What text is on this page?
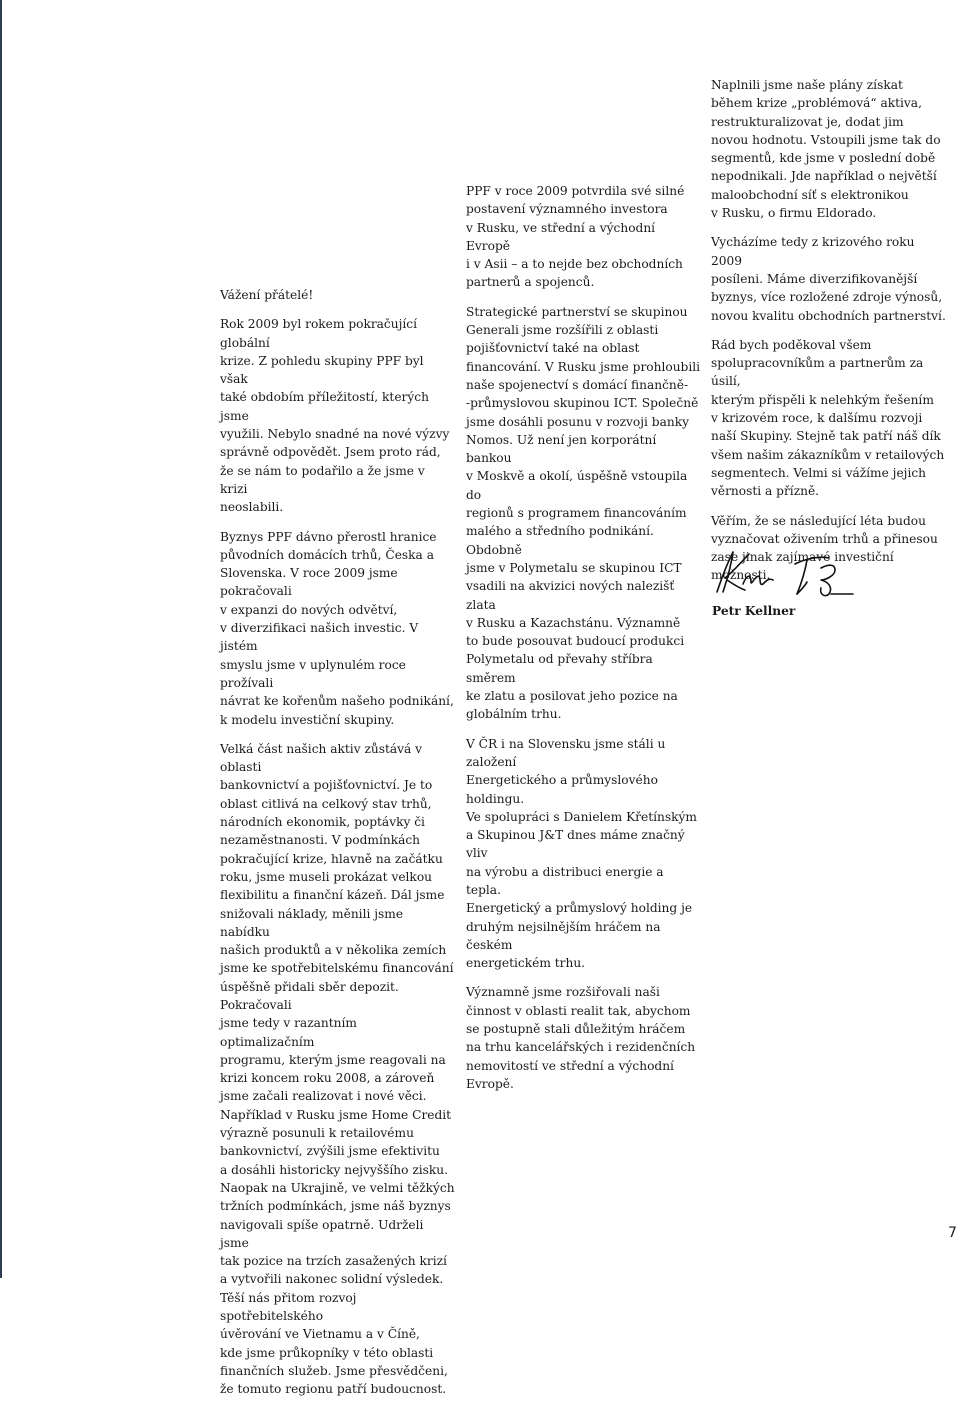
Vážení přátelé!

Rok 2009 byl rokem pokračující globální
krize. Z pohledu skupiny PPF byl však
také obdobím příležitostí, kterých jsme
využili. Nebylo snadné na nové výzvy
správně odpovědět. Jsem proto rád,
že se nám to podařilo a že jsme v krizi
neoslabili.

Byznys PPF dávno přerostl hranice
původních domácích trhů, Česka a
Slovenska. V roce 2009 jsme pokračovali
v expanzi do nových odvětví,
v diverzifikaci našich investic. V jistém
smyslu jsme v uplynulém roce prožívali
návrat ke kořenům našeho podnikání,
k modelu investiční skupiny.

Velká část našich aktiv zůstává v oblasti
bankovnictví a pojišťovnictví. Je to
oblast citlivá na celkový stav trhů,
národních ekonomik, poptávky či
nezaměstnanosti. V podmínkách
pokračující krize, hlavně na začátku
roku, jsme museli prokázat velkou
flexibilitu a finanční kázeň. Dál jsme
snižovali náklady, měnili jsme nabídku
našich produktů a v několika zemích
jsme ke spotřebitelskému financování
úspěšně přidali sběr depozit. Pokračovali
jsme tedy v razantním optimalizačním
programu, kterým jsme reagovali na
krizi koncem roku 2008, a zároveň
jsme začali realizovat i nové věci.
Například v Rusku jsme Home Credit
výrazně posunuli k retailovému
bankovnictví, zvýšili jsme efektivitu
a dosáhli historicky nejvyššího zisku.
Naopak na Ukrajině, ve velmi těžkých
tržních podmínkách, jsme náš byznys
navigovali spíše opatrně. Udrželi jsme
tak pozice na trzích zasažených krizí
a vytvořili nakonec solidní výsledek.
Těší nás přitom rozvoj spotřebitelského
úvěrování ve Vietnamu a v Číně,
kde jsme průkopníky v této oblasti
finančních služeb. Jsme přesvědčeni,
že tomuto regionu patří budoucnost.

PPF v roce 2009 potvrdila své silné
postavení významného investora
v Rusku, ve střední a východní Evropě
i v Asii – a to nejde bez obchodních
partnerů a spojenců.

Strategické partnerství se skupinou
Generali jsme rozšířili z oblasti
pojišťovnictví také na oblast
financování. V Rusku jsme prohloubili
naše spojenectví s domácí finančně-
-průmyslovou skupinou ICT. Společně
jsme dosáhli posunu v rozvoji banky
Nomos. Už není jen korporátní bankou
v Moskvě a okolí, úspěšně vstoupila do
regionů s programem financováním
malého a středního podnikání. Obdobně
jsme v Polymetalu se skupinou ICT
vsadili na akvizici nových nalezišť zlata
v Rusku a Kazachstánu. Významně
to bude posouvat budoucí produkci
Polymetalu od převahy stříbra směrem
ke zlatu a posilovat jeho pozice na
globálním trhu.

V ČR i na Slovensku jsme stáli u založení
Energetického a průmyslového holdingu.
Ve spolupráci s Danielem Křetínským
a Skupinou J&T dnes máme značný vliv
na výrobu a distribuci energie a tepla.
Energetický a průmyslový holding je
druhým nejsilnějším hráčem na českém
energetickém trhu.

Významně jsme rozšiřovali naši
činnost v oblasti realit tak, abychom
se postupně stali důležitým hráčem
na trhu kancelářských i rezidenčních
nemovitostí ve střední a východní
Evropě.

Naplnili jsme naše plány získat
během krize „problémová“ aktiva,
restrukturalizovat je, dodat jim
novou hodnotu. Vstoupili jsme tak do
segmentů, kde jsme v poslední době
nepodnikali. Jde například o největší
maloobchodní síť s elektronikou
v Rusku, o firmu Eldorado.

Vycházíme tedy z krizového roku 2009
posíleni. Máme diverzifikovanější
byznys, více rozložené zdroje výnosů,
novou kvalitu obchodních partnerství.

Rád bych poděkoval všem
spolupracovníkům a partnerům za úsilí,
kterým přispěli k nelehkým řešením
v krizovém roce, k dalšímu rozvoji
naší Skupiny. Stejně tak patří náš dík
všem našim zákazníkům v retailových
segmentech. Velmi si vážíme jejich
věrnosti a přízně.

Věřím, že se následující léta budou
vyznačovat oživením trhů a přinesou
zase jinak zajímavé investiční možnosti.

Petr Kellner
7
